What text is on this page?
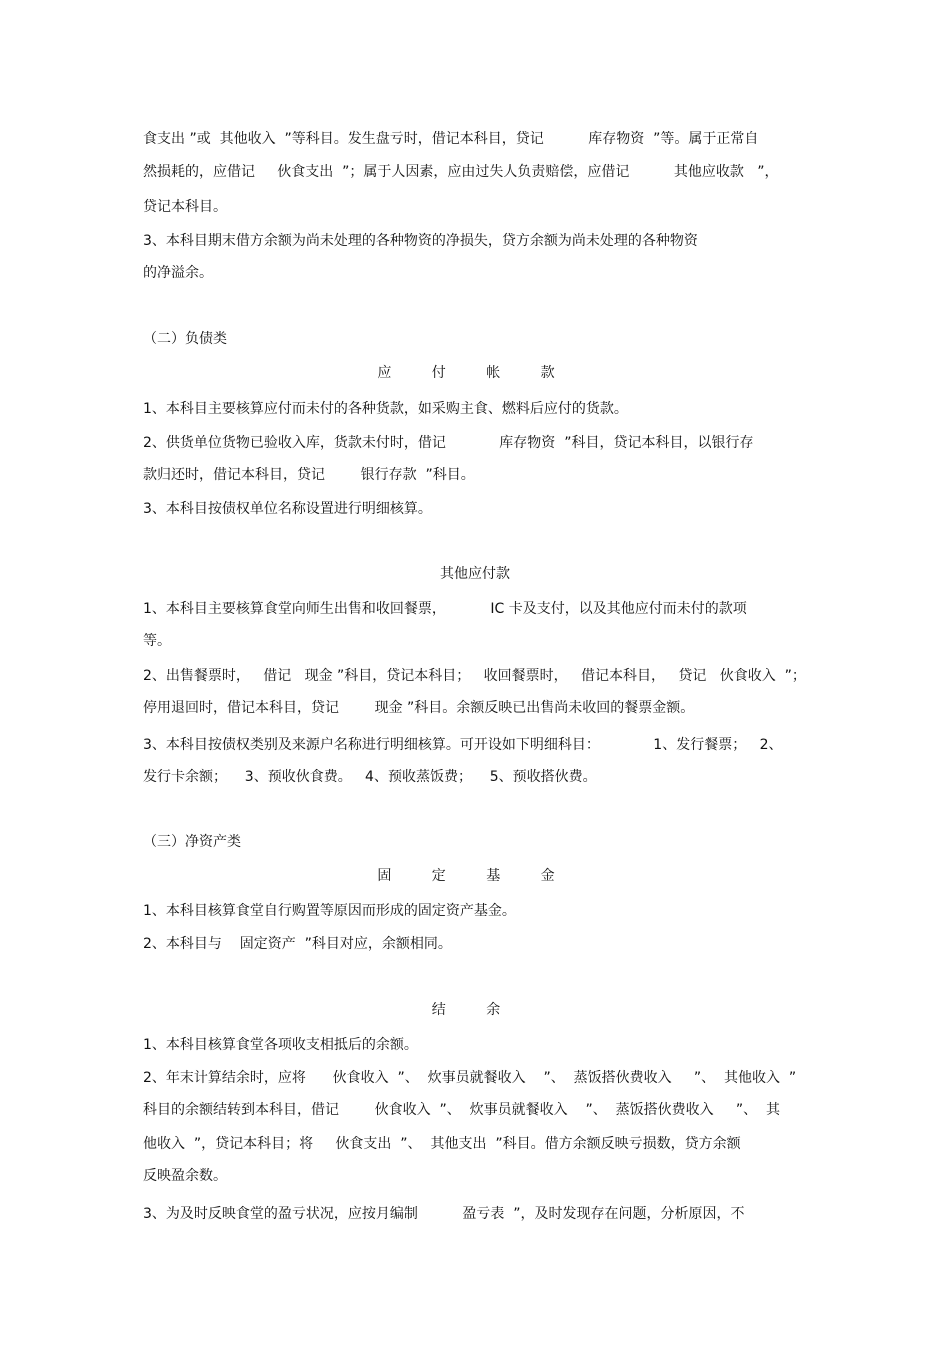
食支出 ”或  其他收入  ”等科目。发生盘亏时，借记本科目，贷记          库存物资  ”等。属于正常自
然损耗的，应借记     伙食支出  ”；属于人因素，应由过失人负责赔偿，应借记          其他应收款   ”，
贷记本科目。
3、本科目期末借方余额为尚未处理的各种物资的净损失，贷方余额为尚未处理的各种物资
的净溢余。
（二）负债类
应 付 帐 款
1、本科目主要核算应付而未付的各种货款，如采购主食、燃料后应付的货款。
2、供货单位货物已验收入库，货款未付时，借记            库存物资  ”科目，贷记本科目，以银行存
款归还时，借记本科目，贷记        银行存款  ”科目。
3、本科目按债权单位名称设置进行明细核算。
其他应付款
1、本科目主要核算食堂向师生出售和收回餐票，          IC 卡及支付，以及其他应付而未付的款项
等。
2、出售餐票时，   借记   现金 ”科目，贷记本科目；   收回餐票时，   借记本科目，   贷记   伙食收入  ”；
停用退回时，借记本科目，贷记        现金 ”科目。余额反映已出售尚未收回的餐票金额。
3、本科目按债权类别及来源户名称进行明细核算。可开设如下明细科目：            1、发行餐票；   2、
发行卡余额；    3、预收伙食费。   4、预收蒸饭费；    5、预收搭伙费。
（三）净资产类
固 定 基 金
1、本科目核算食堂自行购置等原因而形成的固定资产基金。
2、本科目与    固定资产  ”科目对应，余额相同。
结 余
1、本科目核算食堂各项收支相抵后的余额。
2、年末计算结余时，应将      伙食收入  ”、  炊事员就餐收入    ”、  蒸饭搭伙费收入     ”、  其他收入  ”
科目的余额结转到本科目，借记        伙食收入  ”、  炊事员就餐收入    ”、  蒸饭搭伙费收入     ”、  其
他收入  ”，贷记本科目；将     伙食支出  ”、  其他支出  ”科目。借方余额反映亏损数，贷方余额
反映盈余数。
3、为及时反映食堂的盈亏状况，应按月编制          盈亏表  ”，及时发现存在问题，分析原因，不
